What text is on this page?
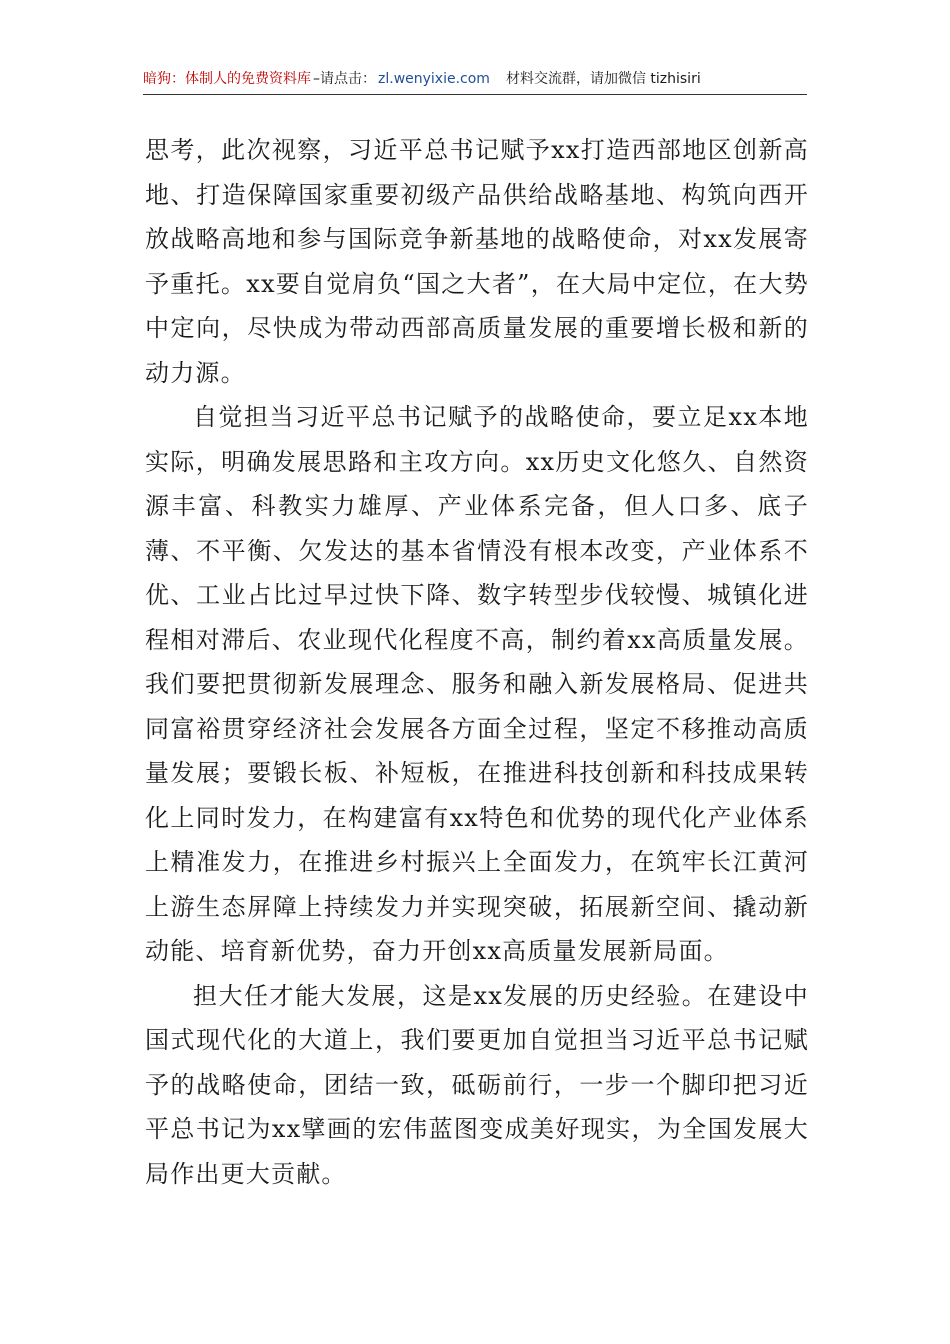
暗狗：体制人的免费资料库 –请点击： zl.wenyixie.com 材料交流群，请加微信 tizhisiri

思考，此次视察，习近平总书记赋予xx打造西部地区创新高地、打造保障国家重要初级产品供给战略基地、构筑向西开放战略高地和参与国际竞争新基地的战略使命，对xx发展寄予重托。xx要自觉肩负“国之大者”，在大局中定位，在大势中定向，尽快成为带动西部高质量发展的重要增长极和新的动力源。

自觉担当习近平总书记赋予的战略使命，要立足xx本地实际，明确发展思路和主攻方向。xx历史文化悠久、自然资源丰富、科教实力雄厚、产业体系完备，但人口多、底子薄、不平衡、欠发达的基本省情没有根本改变，产业体系不优、工业占比过早过快下降、数字转型步伐较慢、城镇化进程相对滞后、农业现代化程度不高，制约着xx高质量发展。我们要把贯彻新发展理念、服务和融入新发展格局、促进共同富裕贯穿经济社会发展各方面全过程，坚定不移推动高质量发展；要锻长板、补短板，在推进科技创新和科技成果转化上同时发力，在构建富有xx特色和优势的现代化产业体系上精准发力，在推进乡村振兴上全面发力，在筑牢长江黄河上游生态屏障上持续发力并实现突破，拓展新空间、撬动新动能、培育新优势，奋力开创xx高质量发展新局面。

担大任才能大发展，这是xx发展的历史经验。在建设中国式现代化的大道上，我们要更加自觉担当习近平总书记赋予的战略使命，团结一致，砥砺前行，一步一个脚印把习近平总书记为xx擘画的宏伟蓝图变成美好现实，为全国发展大局作出更大贡献。
